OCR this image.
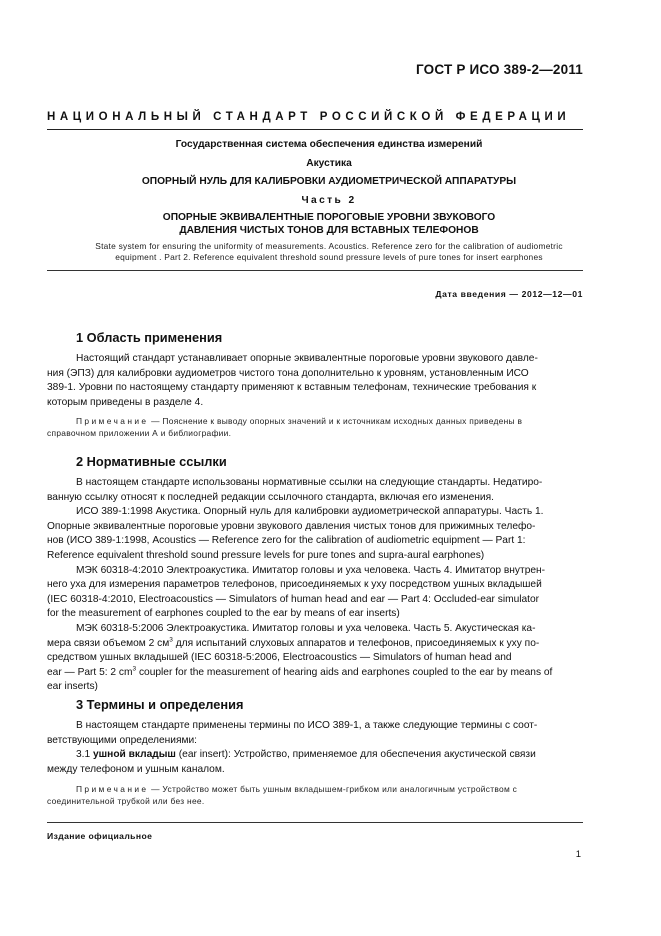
ГОСТ Р ИСО 389-2—2011
НАЦИОНАЛЬНЫЙ СТАНДАРТ РОССИЙСКОЙ ФЕДЕРАЦИИ
Государственная система обеспечения единства измерений
Акустика
ОПОРНЫЙ НУЛЬ ДЛЯ КАЛИБРОВКИ АУДИОМЕТРИЧЕСКОЙ АППАРАТУРЫ
Часть 2
ОПОРНЫЕ ЭКВИВАЛЕНТНЫЕ ПОРОГОВЫЕ УРОВНИ ЗВУКОВОГО
ДАВЛЕНИЯ ЧИСТЫХ ТОНОВ ДЛЯ ВСТАВНЫХ ТЕЛЕФОНОВ
State system for ensuring the uniformity of measurements. Acoustics. Reference zero for the calibration of audiometric
equipment . Part 2. Reference equivalent threshold sound pressure levels of pure tones for insert earphones
Дата введения — 2012—12—01
1 Область применения
Настоящий стандарт устанавливает опорные эквивалентные пороговые уровни звукового давле-
ния (ЭПЗ) для калибровки аудиометров чистого тона дополнительно к уровням, установленным ИСО
389-1. Уровни по настоящему стандарту применяют к вставным телефонам, технические требования к
которым приведены в разделе 4.
Примечание — Пояснение к выводу опорных значений и к источникам исходных данных приведены в
справочном приложении А и библиографии.
2 Нормативные ссылки
В настоящем стандарте использованы нормативные ссылки на следующие стандарты. Недатиро-
ванную ссылку относят к последней редакции ссылочного стандарта, включая его изменения.
ИСО 389-1:1998 Акустика. Опорный нуль для калибровки аудиометрической аппаратуры. Часть 1.
Опорные эквивалентные пороговые уровни звукового давления чистых тонов для прижимных телефо-
нов (ИСО 389-1:1998, Acoustics — Reference zero for the calibration of audiometric equipment — Part 1:
Reference equivalent threshold sound pressure levels for pure tones and supra-aural earphones)
МЭК 60318-4:2010 Электроакустика. Имитатор головы и уха человека. Часть 4. Имитатор внутрен-
него уха для измерения параметров телефонов, присоединяемых к уху посредством ушных вкладышей
(IEC 60318-4:2010, Electroacoustics — Simulators of human head and ear — Part 4: Occluded-ear simulator
for the measurement of earphones coupled to the ear by means of ear inserts)
МЭК 60318-5:2006 Электроакустика. Имитатор головы и уха человека. Часть 5. Акустическая ка-
мера связи объемом 2 $см^3$ для испытаний слуховых аппаратов и телефонов, присоединяемых к уху по-
средством ушных вкладышей (IEC 60318-5:2006, Electroacoustics — Simulators of human head and
ear — Part 5: 2 $cm^3$ coupler for the measurement of hearing aids and earphones coupled to the ear by means of
ear inserts)
3 Термины и определения
В настоящем стандарте применены термины по ИСО 389-1, а также следующие термины с соот-
ветствующими определениями:
3.1 ушной вкладыш (ear insert): Устройство, применяемое для обеспечения акустической связи
между телефоном и ушным каналом.
Примечание — Устройство может быть ушным вкладышем-грибком или аналогичным устройством с
соединительной трубкой или без нее.
Издание официальное
1
